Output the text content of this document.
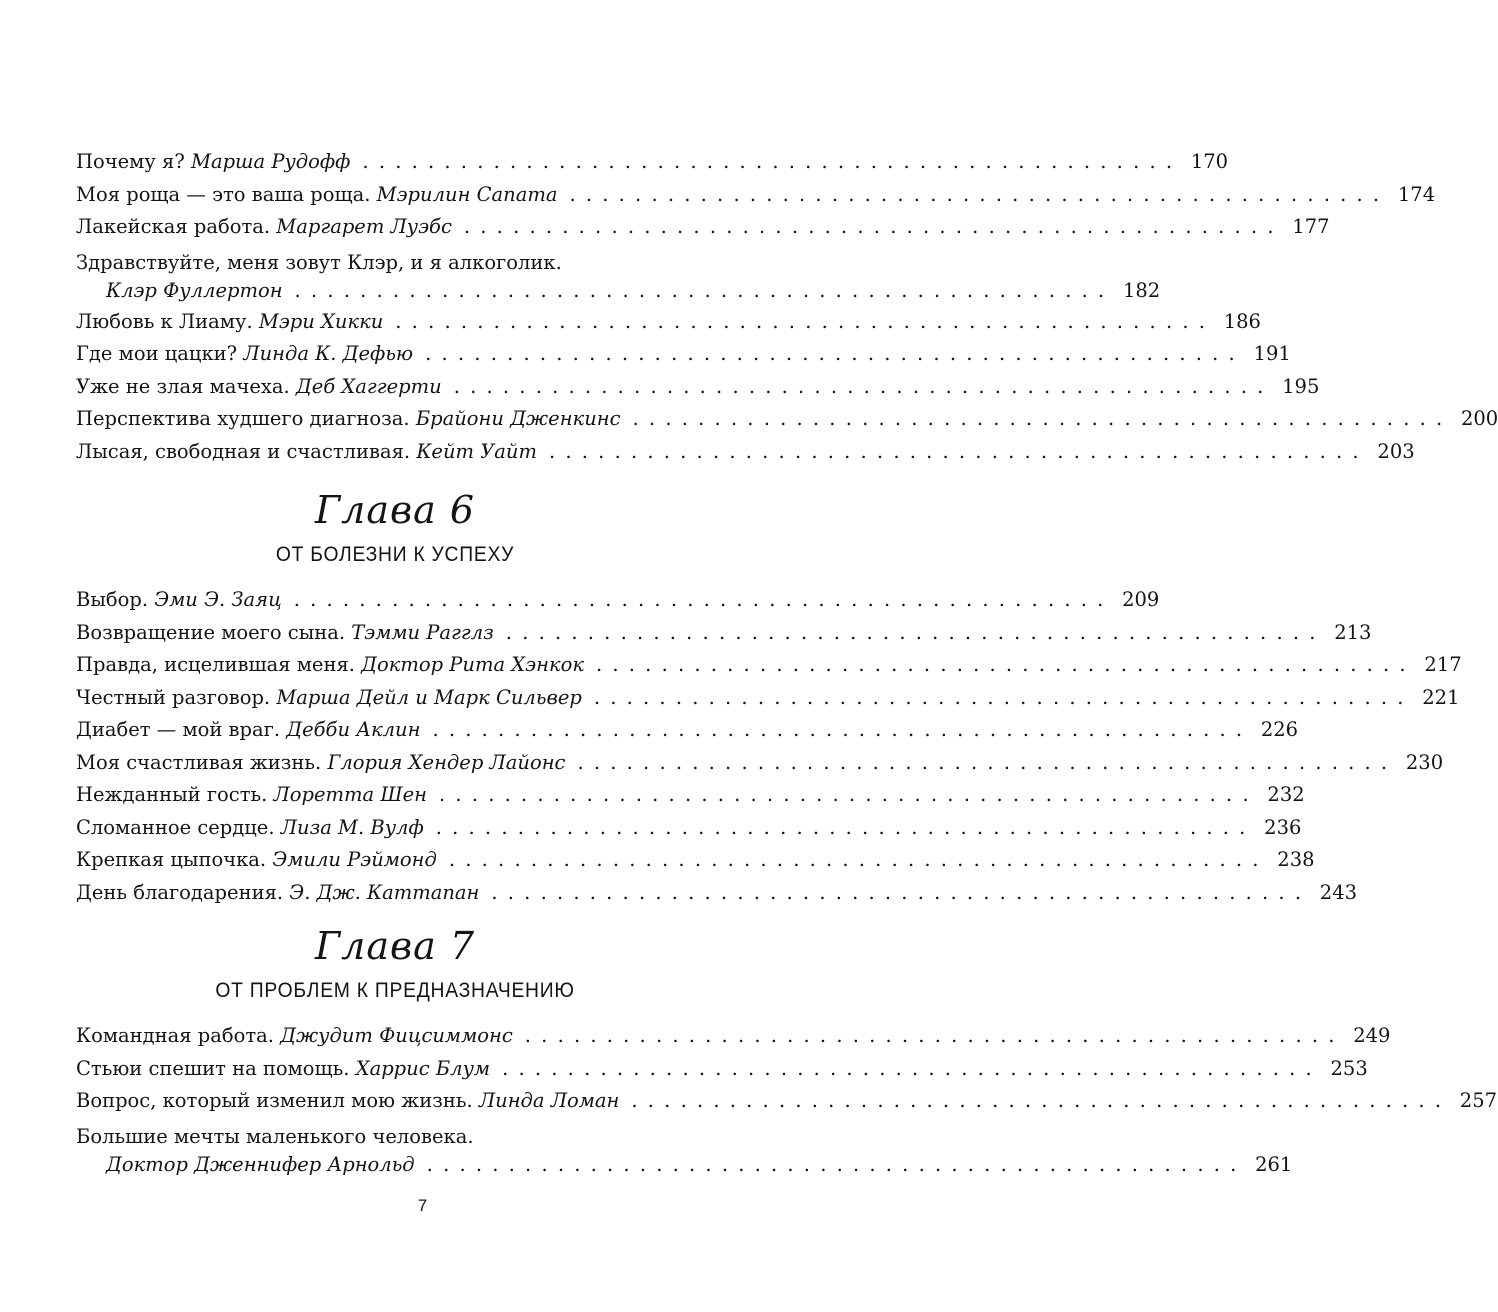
Почему я?
Марша Рудофф . . . . . . . . . . . . . . . . . . . . . . . . . . . . . . . . . . . . . . . . . . . . . . . . . . 170
Моя роща — это ваша роща.
Мэрилин Сапата . . . . . . . . . . . . . . . . . . . . . . . . . . . . . . . . . . . . . . . . . . . . . . . . . . 174
Лакейская работа.
Маргарет Луэбс . . . . . . . . . . . . . . . . . . . . . . . . . . . . . . . . . . . . . . . . . . . . . . . . . . 177
Здравствуйте, меня зовут Клэр, и я алкоголик.
Клэр Фуллертон . . . . . . . . . . . . . . . . . . . . . . . . . . . . . . . . . . . . . . . . . . . . . . . . . . 182
Любовь к Лиаму.
Мэри Хикки . . . . . . . . . . . . . . . . . . . . . . . . . . . . . . . . . . . . . . . . . . . . . . . . . . 186
Где мои цацки?
Линда К. Дефью . . . . . . . . . . . . . . . . . . . . . . . . . . . . . . . . . . . . . . . . . . . . . . . . . . 191
Уже не злая мачеха.
Деб Хаггерти . . . . . . . . . . . . . . . . . . . . . . . . . . . . . . . . . . . . . . . . . . . . . . . . . . 195
Перспектива худшего диагноза.
Брайони Дженкинс . . . . . . . . . . . . . . . . . . . . . . . . . . . . . . . . . . . . . . . . . . . . . . . . . . 200
Лысая, свободная и счастливая.
Кейт Уайт . . . . . . . . . . . . . . . . . . . . . . . . . . . . . . . . . . . . . . . . . . . . . . . . . . 203
Глава 6
ОТ БОЛЕЗНИ К УСПЕХУ
Выбор.
Эми Э. Заяц . . . . . . . . . . . . . . . . . . . . . . . . . . . . . . . . . . . . . . . . . . . . . . . . . . 209
Возвращение моего сына.
Тэмми Рагглз . . . . . . . . . . . . . . . . . . . . . . . . . . . . . . . . . . . . . . . . . . . . . . . . . . 213
Правда, исцелившая меня.
Доктор Рита Хэнкок . . . . . . . . . . . . . . . . . . . . . . . . . . . . . . . . . . . . . . . . . . . . . . . . . . 217
Честный разговор.
Марша Дейл и Марк Сильвер . . . . . . . . . . . . . . . . . . . . . . . . . . . . . . . . . . . . . . . . . . . . . . . . . . 221
Диабет — мой враг.
Дебби Аклин . . . . . . . . . . . . . . . . . . . . . . . . . . . . . . . . . . . . . . . . . . . . . . . . . . 226
Моя счастливая жизнь.
Глория Хендер Лайонс . . . . . . . . . . . . . . . . . . . . . . . . . . . . . . . . . . . . . . . . . . . . . . . . . . 230
Нежданный гость.
Лоретта Шен . . . . . . . . . . . . . . . . . . . . . . . . . . . . . . . . . . . . . . . . . . . . . . . . . . 232
Сломанное сердце.
Лиза М. Вулф . . . . . . . . . . . . . . . . . . . . . . . . . . . . . . . . . . . . . . . . . . . . . . . . . . 236
Крепкая цыпочка.
Эмили Рэймонд . . . . . . . . . . . . . . . . . . . . . . . . . . . . . . . . . . . . . . . . . . . . . . . . . . 238
День благодарения.
Э. Дж. Каттапан . . . . . . . . . . . . . . . . . . . . . . . . . . . . . . . . . . . . . . . . . . . . . . . . . . 243
Глава 7
ОТ ПРОБЛЕМ К ПРЕДНАЗНАЧЕНИЮ
Командная работа.
Джудит Фицсиммонс . . . . . . . . . . . . . . . . . . . . . . . . . . . . . . . . . . . . . . . . . . . . . . . . . . 249
Стьюи спешит на помощь.
Харрис Блум . . . . . . . . . . . . . . . . . . . . . . . . . . . . . . . . . . . . . . . . . . . . . . . . . . 253
Вопрос, который изменил мою жизнь.
Линда Ломан . . . . . . . . . . . . . . . . . . . . . . . . . . . . . . . . . . . . . . . . . . . . . . . . . . 257
Большие мечты маленького человека.
Доктор Дженнифер Арнольд . . . . . . . . . . . . . . . . . . . . . . . . . . . . . . . . . . . . . . . . . . . . . . . . . . 261
7
